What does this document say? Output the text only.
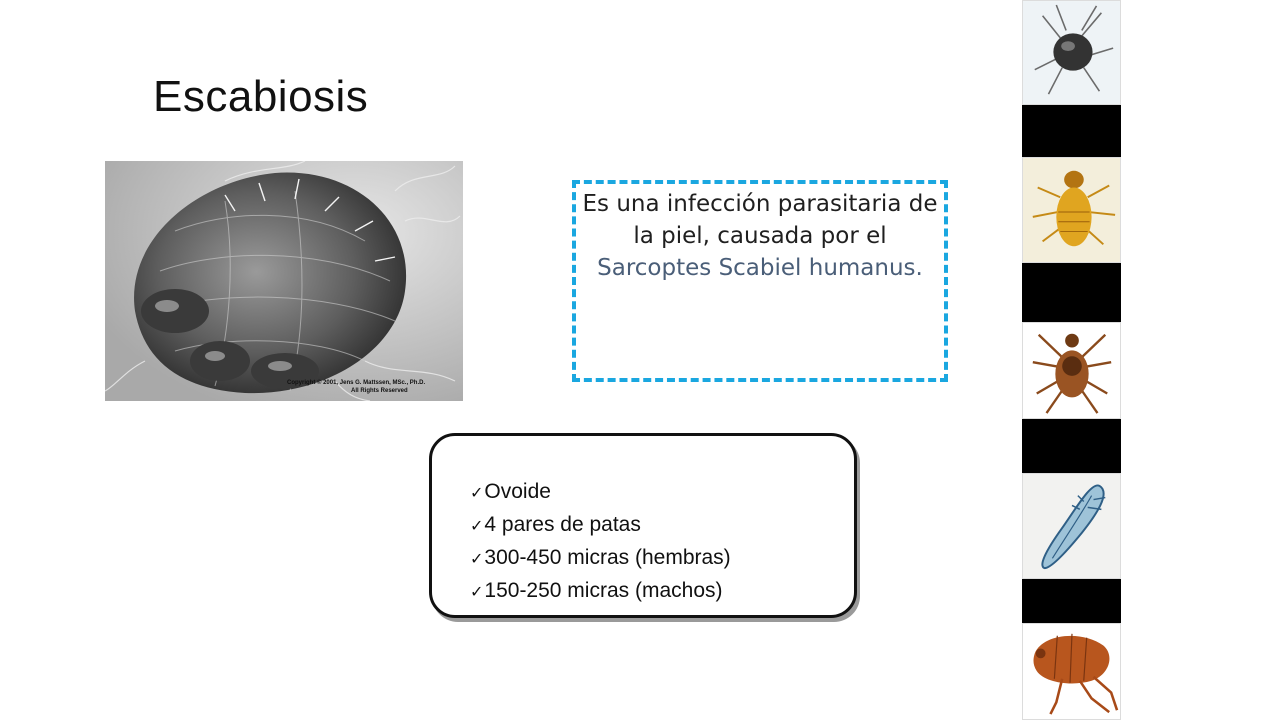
Escabiosis
Copyright © 2001, Jens G. Mattssen, MSc., Ph.D.
All Rights Reserved
Es una infección parasitaria de la piel, causada por el Sarcoptes Scabiel humanus.
✓Ovoide
✓4 pares de patas
✓300-450 micras (hembras)
✓150-250 micras (machos)
